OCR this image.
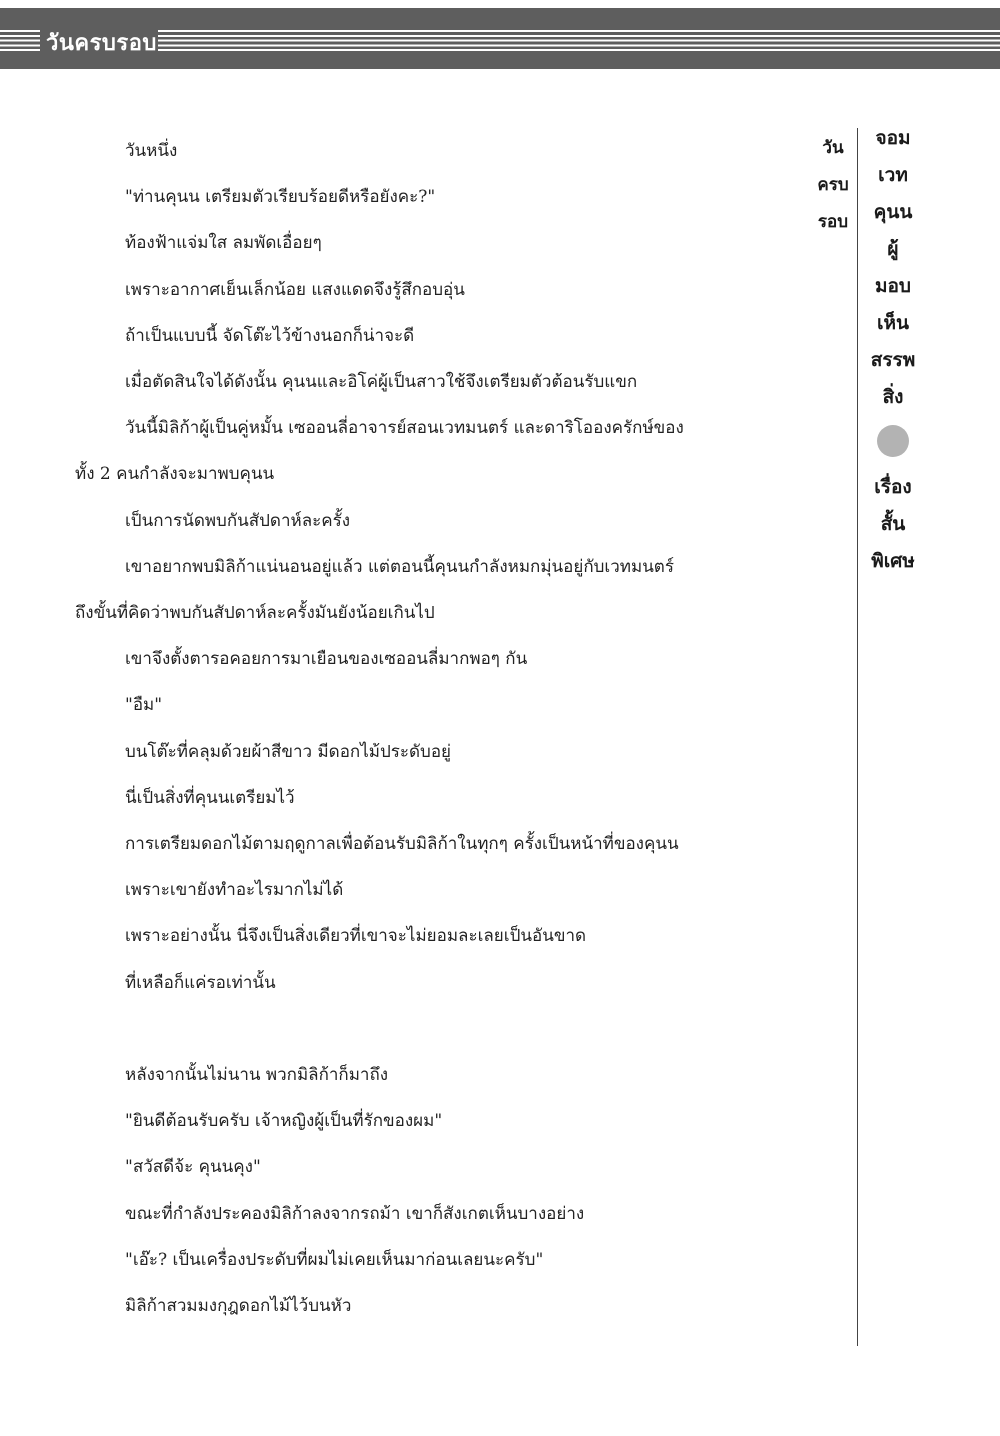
วันครบรอบ

วันหนึ่ง

"ท่านคุนน เตรียมตัวเรียบร้อยดีหรือยังคะ?"

ท้องฟ้าแจ่มใส ลมพัดเอื่อยๆ

เพราะอากาศเย็นเล็กน้อย แสงแดดจึงรู้สึกอบอุ่น

ถ้าเป็นแบบนี้ จัดโต๊ะไว้ข้างนอกก็น่าจะดี

เมื่อตัดสินใจได้ดังนั้น คุนนและอิโค่ผู้เป็นสาวใช้จึงเตรียมตัวต้อนรับแขก

วันนี้มิลิก้าผู้เป็นคู่หมั้น เซออนลี่อาจารย์สอนเวทมนตร์ และดาริโอองครักษ์ของ

ทั้ง 2 คนกำลังจะมาพบคุนน

เป็นการนัดพบกันสัปดาห์ละครั้ง

เขาอยากพบมิลิก้าแน่นอนอยู่แล้ว แต่ตอนนี้คุนนกำลังหมกมุ่นอยู่กับเวทมนตร์

ถึงขั้นที่คิดว่าพบกันสัปดาห์ละครั้งมันยังน้อยเกินไป

เขาจึงตั้งตารอคอยการมาเยือนของเซออนลี่มากพอๆ กัน

"อืม"

บนโต๊ะที่คลุมด้วยผ้าสีขาว มีดอกไม้ประดับอยู่

นี่เป็นสิ่งที่คุนนเตรียมไว้

การเตรียมดอกไม้ตามฤดูกาลเพื่อต้อนรับมิลิก้าในทุกๆ ครั้งเป็นหน้าที่ของคุนน

เพราะเขายังทำอะไรมากไม่ได้

เพราะอย่างนั้น นี่จึงเป็นสิ่งเดียวที่เขาจะไม่ยอมละเลยเป็นอันขาด

ที่เหลือก็แค่รอเท่านั้น

หลังจากนั้นไม่นาน พวกมิลิก้าก็มาถึง

"ยินดีต้อนรับครับ เจ้าหญิงผู้เป็นที่รักของผม"

"สวัสดีจ้ะ คุนนคุง"

ขณะที่กำลังประคองมิลิก้าลงจากรถม้า เขาก็สังเกตเห็นบางอย่าง

"เอ๊ะ? เป็นเครื่องประดับที่ผมไม่เคยเห็นมาก่อนเลยนะครับ"

มิลิก้าสวมมงกุฎดอกไม้ไว้บนหัว

วัน
ครบ
รอบ
จอม
เวท
คุนน
ผู้
มอบ
เห็น
สรรพ
สิ่ง
เรื่อง
สั้น
พิเศษ
